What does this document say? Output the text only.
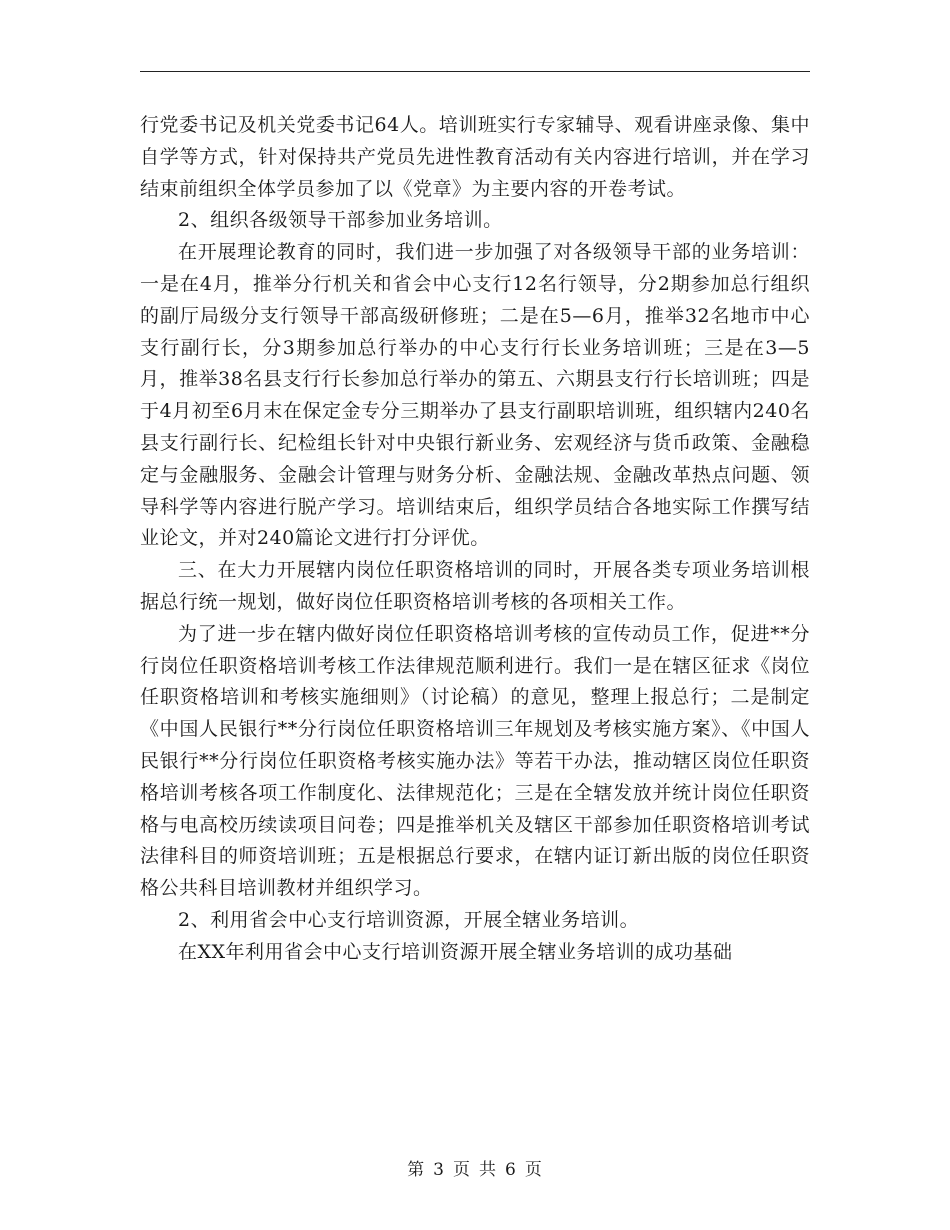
行党委书记及机关党委书记64人。培训班实行专家辅导、观看讲座录像、集中自学等方式，针对保持共产党员先进性教育活动有关内容进行培训，并在学习结束前组织全体学员参加了以《党章》为主要内容的开卷考试。

2、组织各级领导干部参加业务培训。

在开展理论教育的同时，我们进一步加强了对各级领导干部的业务培训：一是在4月，推举分行机关和省会中心支行12名行领导，分2期参加总行组织的副厅局级分支行领导干部高级研修班；二是在5—6月，推举32名地市中心支行副行长，分3期参加总行举办的中心支行行长业务培训班；三是在3—5月，推举38名县支行行长参加总行举办的第五、六期县支行行长培训班；四是于4月初至6月末在保定金专分三期举办了县支行副职培训班，组织辖内240名县支行副行长、纪检组长针对中央银行新业务、宏观经济与货币政策、金融稳定与金融服务、金融会计管理与财务分析、金融法规、金融改革热点问题、领导科学等内容进行脱产学习。培训结束后，组织学员结合各地实际工作撰写结业论文，并对240篇论文进行打分评优。

三、在大力开展辖内岗位任职资格培训的同时，开展各类专项业务培训根据总行统一规划，做好岗位任职资格培训考核的各项相关工作。

为了进一步在辖内做好岗位任职资格培训考核的宣传动员工作，促进**分行岗位任职资格培训考核工作法律规范顺利进行。我们一是在辖区征求《岗位任职资格培训和考核实施细则》（讨论稿）的意见，整理上报总行；二是制定《中国人民银行**分行岗位任职资格培训三年规划及考核实施方案》、《中国人民银行**分行岗位任职资格考核实施办法》等若干办法，推动辖区岗位任职资格培训考核各项工作制度化、法律规范化；三是在全辖发放并统计岗位任职资格与电高校历续读项目问卷；四是推举机关及辖区干部参加任职资格培训考试法律科目的师资培训班；五是根据总行要求，在辖内证订新出版的岗位任职资格公共科目培训教材并组织学习。

2、利用省会中心支行培训资源，开展全辖业务培训。

在XX年利用省会中心支行培训资源开展全辖业务培训的成功基础

第 3 页 共 6 页
